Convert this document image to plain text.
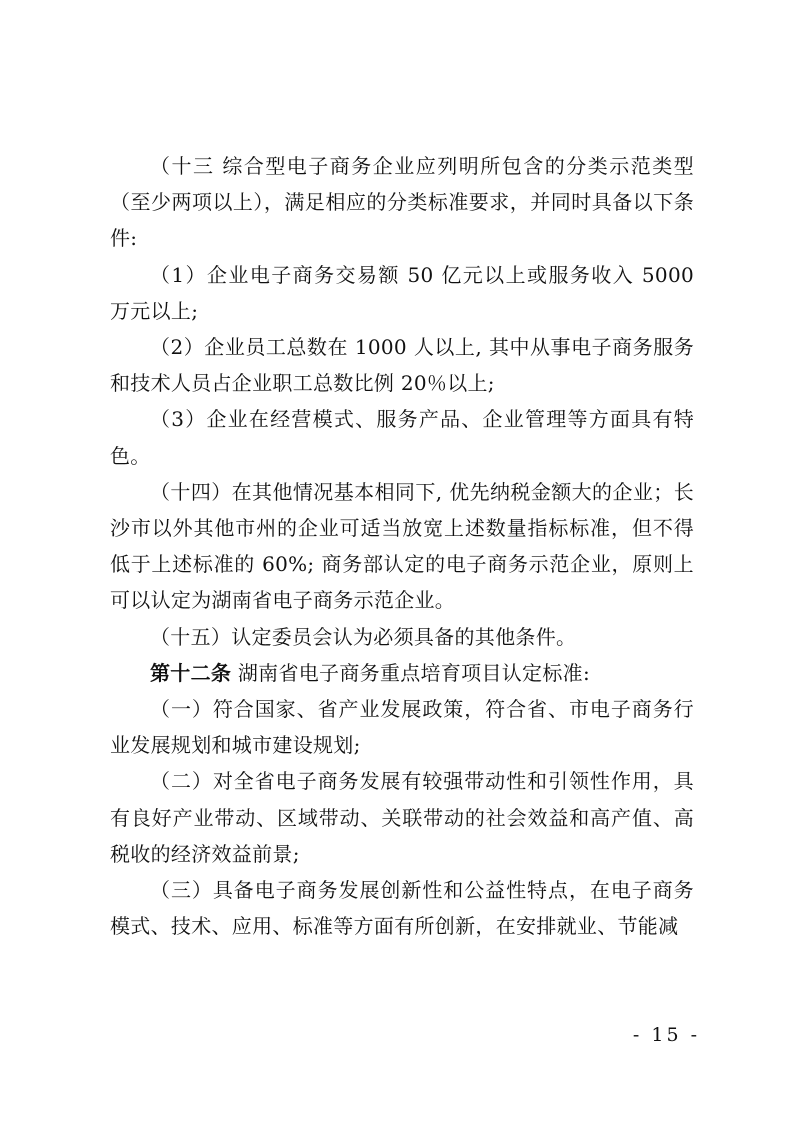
（十三 综合型电子商务企业应列明所包含的分类示范类型（至少两项以上），满足相应的分类标准要求，并同时具备以下条件:

（1）企业电子商务交易额 50 亿元以上或服务收入 5000 万元以上;

（2）企业员工总数在 1000 人以上, 其中从事电子商务服务和技术人员占企业职工总数比例 20％以上;

（3）企业在经营模式、服务产品、企业管理等方面具有特色。

（十四）在其他情况基本相同下, 优先纳税金额大的企业；长沙市以外其他市州的企业可适当放宽上述数量指标标准，但不得低于上述标准的 60%; 商务部认定的电子商务示范企业，原则上可以认定为湖南省电子商务示范企业。

（十五）认定委员会认为必须具备的其他条件。

第十二条 湖南省电子商务重点培育项目认定标准:

（一）符合国家、省产业发展政策，符合省、市电子商务行业发展规划和城市建设规划;

（二）对全省电子商务发展有较强带动性和引领性作用，具有良好产业带动、区域带动、关联带动的社会效益和高产值、高税收的经济效益前景;

（三）具备电子商务发展创新性和公益性特点，在电子商务模式、技术、应用、标准等方面有所创新，在安排就业、节能减

- 15 -
